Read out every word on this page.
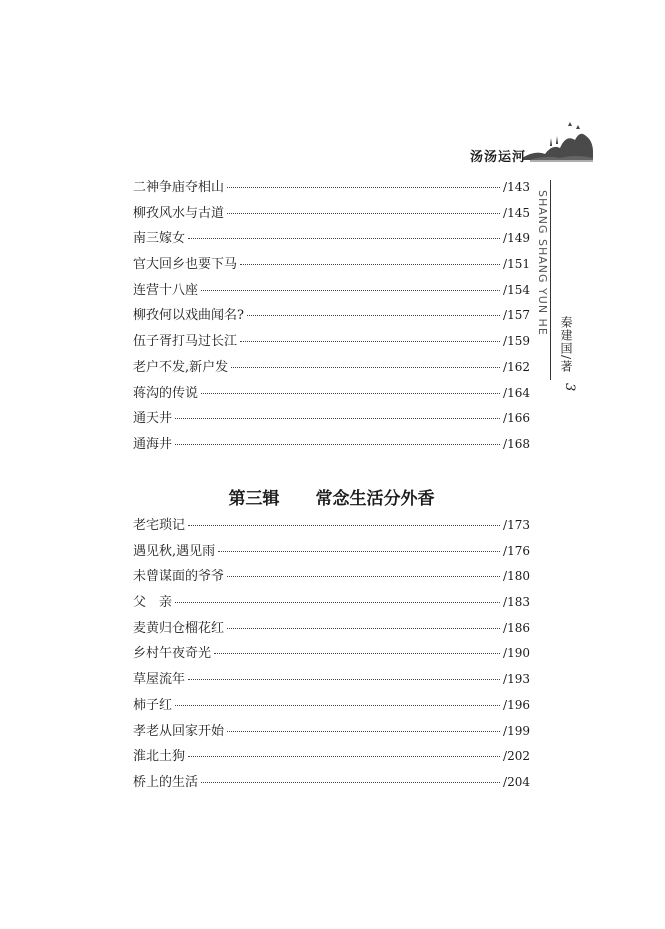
汤汤运河
SHANG SHANG YUN HE
秦建国/著
3
二神争庙夺相山	/143
柳孜风水与古道	/145
南三嫁女	/149
官大回乡也要下马	/151
连营十八座	/154
柳孜何以戏曲闻名?	/157
伍子胥打马过长江	/159
老户不发,新户发	/162
蒋沟的传说	/164
通天井	/166
通海井	/168
第三辑 常念生活分外香
老宅琐记	/173
遇见秋,遇见雨	/176
未曾谋面的爷爷	/180
父　亲	/183
麦黄归仓榴花红	/186
乡村午夜奇光	/190
草屋流年	/193
柿子红	/196
孝老从回家开始	/199
淮北土狗	/202
桥上的生活	/204
